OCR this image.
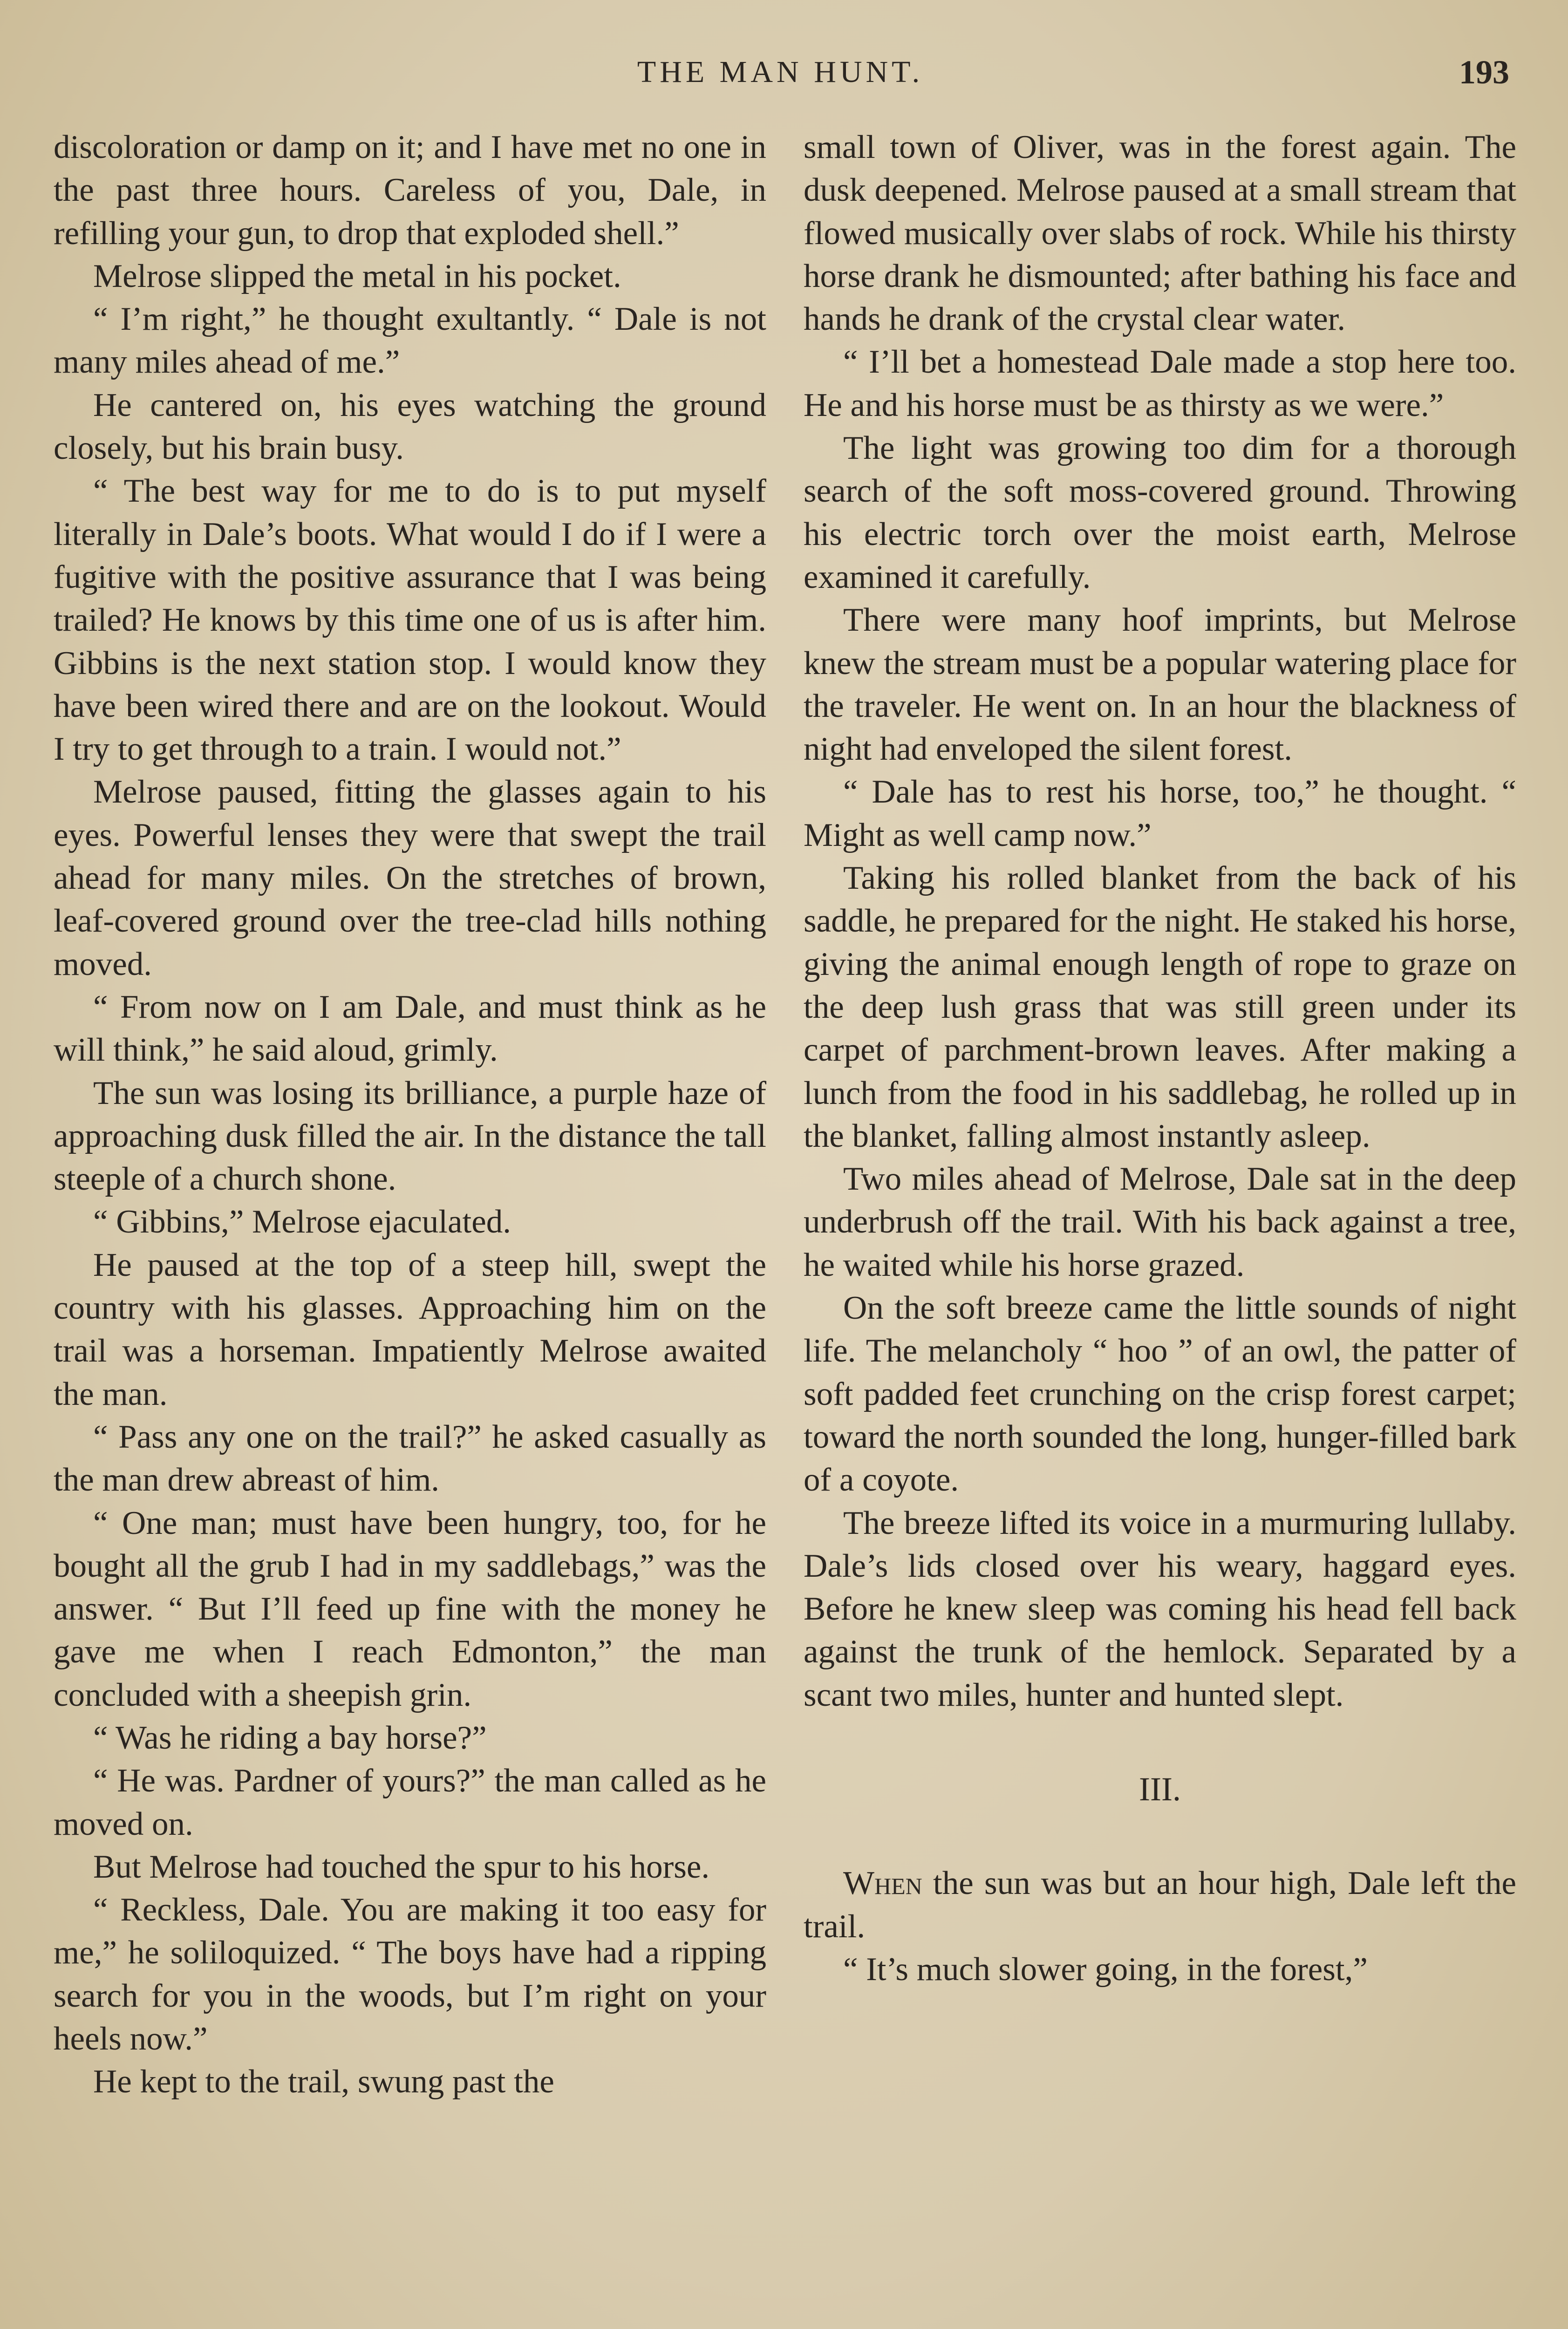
THE MAN HUNT.	193

discoloration or damp on it; and I have met no one in the past three hours. Careless of you, Dale, in refilling your gun, to drop that exploded shell.”

Melrose slipped the metal in his pocket.

“ I’m right,” he thought exultantly. “ Dale is not many miles ahead of me.”

He cantered on, his eyes watching the ground closely, but his brain busy.

“ The best way for me to do is to put myself literally in Dale’s boots. What would I do if I were a fugitive with the positive assurance that I was being trailed? He knows by this time one of us is after him. Gibbins is the next station stop. I would know they have been wired there and are on the lookout. Would I try to get through to a train. I would not.”

Melrose paused, fitting the glasses again to his eyes. Powerful lenses they were that swept the trail ahead for many miles. On the stretches of brown, leaf-covered ground over the tree-clad hills nothing moved.

“ From now on I am Dale, and must think as he will think,” he said aloud, grimly.

The sun was losing its brilliance, a purple haze of approaching dusk filled the air. In the distance the tall steeple of a church shone.

“ Gibbins,” Melrose ejaculated.

He paused at the top of a steep hill, swept the country with his glasses. Approaching him on the trail was a horseman. Impatiently Melrose awaited the man.

“ Pass any one on the trail?” he asked casually as the man drew abreast of him.

“ One man; must have been hungry, too, for he bought all the grub I had in my saddlebags,” was the answer. “ But I’ll feed up fine with the money he gave me when I reach Edmonton,” the man concluded with a sheepish grin.

“ Was he riding a bay horse?”

“ He was. Pardner of yours?” the man called as he moved on.

But Melrose had touched the spur to his horse.

“ Reckless, Dale. You are making it too easy for me,” he soliloquized. “ The boys have had a ripping search for you in the woods, but I’m right on your heels now.”

He kept to the trail, swung past the

small town of Oliver, was in the forest again. The dusk deepened. Melrose paused at a small stream that flowed musically over slabs of rock. While his thirsty horse drank he dismounted; after bathing his face and hands he drank of the crystal clear water.

“ I’ll bet a homestead Dale made a stop here too. He and his horse must be as thirsty as we were.”

The light was growing too dim for a thorough search of the soft moss-covered ground. Throwing his electric torch over the moist earth, Melrose examined it carefully.

There were many hoof imprints, but Melrose knew the stream must be a popular watering place for the traveler. He went on. In an hour the blackness of night had enveloped the silent forest.

“ Dale has to rest his horse, too,” he thought. “ Might as well camp now.”

Taking his rolled blanket from the back of his saddle, he prepared for the night. He staked his horse, giving the animal enough length of rope to graze on the deep lush grass that was still green under its carpet of parchment-brown leaves. After making a lunch from the food in his saddlebag, he rolled up in the blanket, falling almost instantly asleep.

Two miles ahead of Melrose, Dale sat in the deep underbrush off the trail. With his back against a tree, he waited while his horse grazed.

On the soft breeze came the little sounds of night life. The melancholy “ hoo ” of an owl, the patter of soft padded feet crunching on the crisp forest carpet; toward the north sounded the long, hunger-filled bark of a coyote.

The breeze lifted its voice in a murmuring lullaby. Dale’s lids closed over his weary, haggard eyes. Before he knew sleep was coming his head fell back against the trunk of the hemlock. Separated by a scant two miles, hunter and hunted slept.

III.

When the sun was but an hour high, Dale left the trail.

“ It’s much slower going, in the forest,”
